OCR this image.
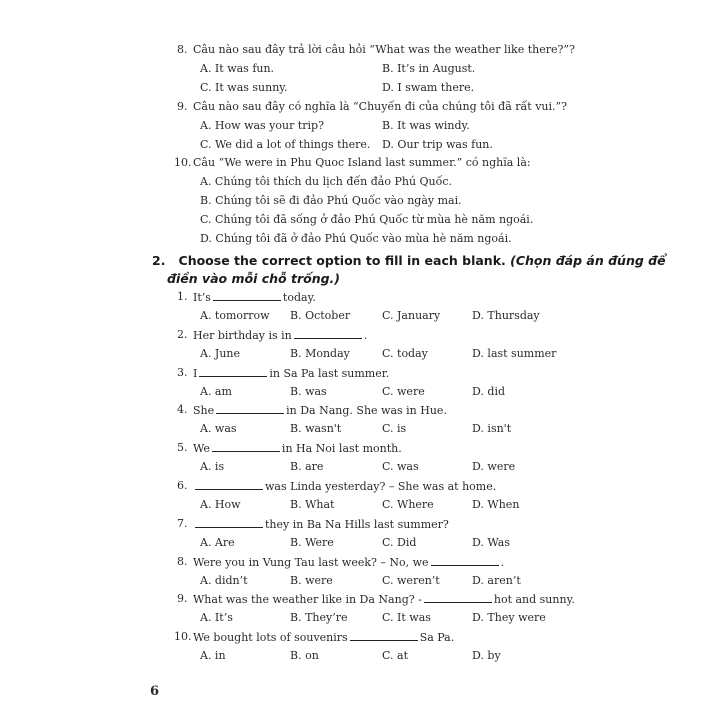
8. Câu nào sau đây trả lời câu hỏi “What was the weather like there?”?
A. It was fun.	B. It’s in August.
C. It was sunny.	D. I swam there.
9. Câu nào sau đây có nghĩa là “Chuyến đi của chúng tôi đã rất vui.”?
A. How was your trip?	B. It was windy.
C. We did a lot of things there. D. Our trip was fun.
10. Câu “We were in Phu Quoc Island last summer.” có nghĩa là:
A. Chúng tôi thích du lịch đến đảo Phú Quốc.
B. Chúng tôi sẽ đi đảo Phú Quốc vào ngày mai.
C. Chúng tôi đã sống ở đảo Phú Quốc từ mùa hè năm ngoái.
D. Chúng tôi đã ở đảo Phú Quốc vào mùa hè năm ngoái.
2. Choose the correct option to fill in each blank. (Chọn đáp án đúng để
điền vào mỗi chỗ trống.)
1. It’s	today.
A. tomorrow B. October	C. January	D. Thursday
2. Her birthday is in	.
A. June	B. Monday	C. today	D. last summer
3. I	in Sa Pa last summer.
A. am	B. was	C. were	D. did
4. She	in Da Nang. She was in Hue.
A. was	B. wasn't	C. is	D. isn't
5. We	in Ha Noi last month.
A. is	B. are	C. was	D. were
6.	was Linda yesterday? – She was at home.
A. How	B. What	C. Where	D. When
7.	they in Ba Na Hills last summer?
A. Are	B. Were	C. Did	D. Was
8. Were you in Vung Tau last week? – No, we	.
A. didn’t	B. were	C. weren’t	D. aren’t
9. What was the weather like in Da Nang? -	hot and sunny.
A. It’s	B. They’re	C. It was	D. They were
10. We bought lots of souvenirs	Sa Pa.
A. in	B. on	C. at	D. by
6
